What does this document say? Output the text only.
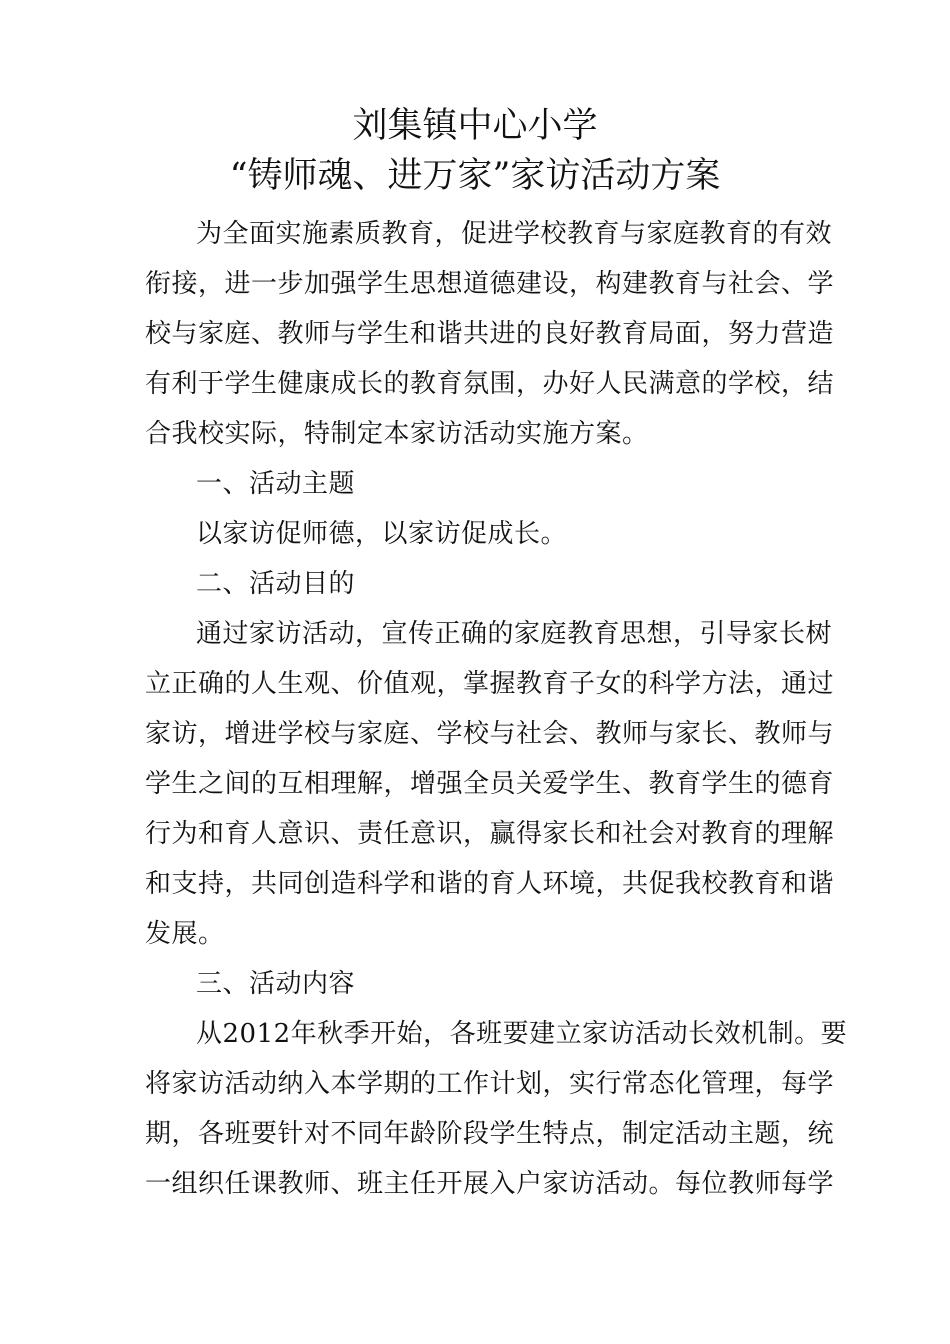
刘集镇中心小学
“铸师魂、进万家”家访活动方案
为全面实施素质教育，促进学校教育与家庭教育的有效
衔接，进一步加强学生思想道德建设，构建教育与社会、学
校与家庭、教师与学生和谐共进的良好教育局面，努力营造
有利于学生健康成长的教育氛围，办好人民满意的学校，结
合我校实际，特制定本家访活动实施方案。
一、活动主题
以家访促师德，以家访促成长。
二、活动目的
通过家访活动，宣传正确的家庭教育思想，引导家长树
立正确的人生观、价值观，掌握教育子女的科学方法，通过
家访，增进学校与家庭、学校与社会、教师与家长、教师与
学生之间的互相理解，增强全员关爱学生、教育学生的德育
行为和育人意识、责任意识，赢得家长和社会对教育的理解
和支持，共同创造科学和谐的育人环境，共促我校教育和谐
发展。
三、活动内容
从2012年秋季开始，各班要建立家访活动长效机制。要
将家访活动纳入本学期的工作计划，实行常态化管理，每学
期，各班要针对不同年龄阶段学生特点，制定活动主题，统
一组织任课教师、班主任开展入户家访活动。每位教师每学
